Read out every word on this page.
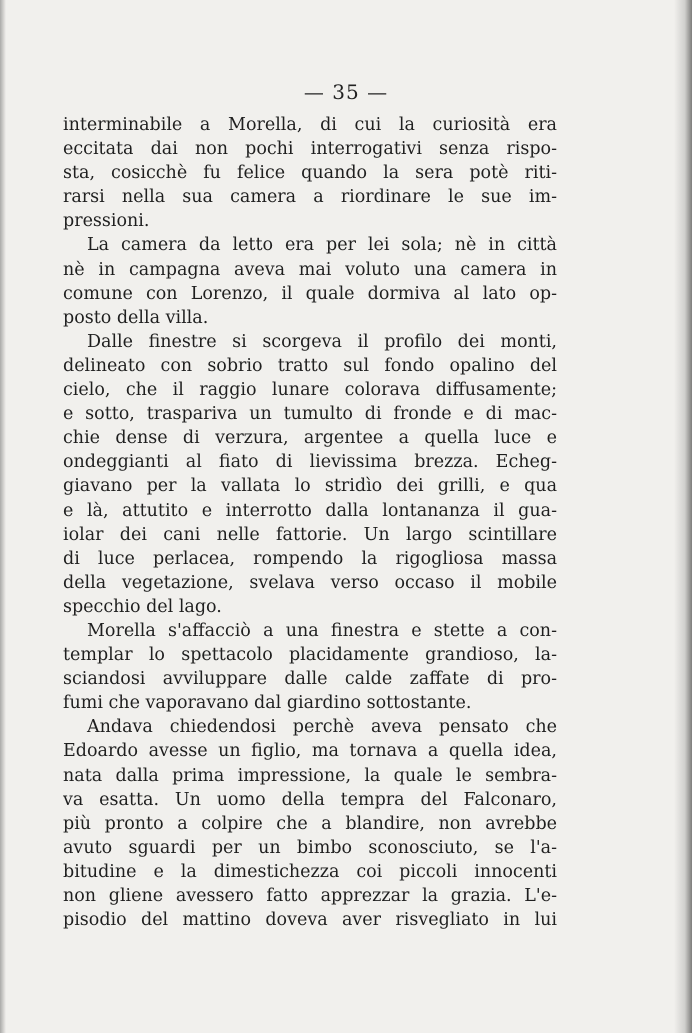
— 35 —
interminabile a Morella, di cui la curiosità era
eccitata dai non pochi interrogativi senza rispo-
sta, cosicchè fu felice quando la sera potè riti-
rarsi nella sua camera a riordinare le sue im-
pressioni.
La camera da letto era per lei sola; nè in città
nè in campagna aveva mai voluto una camera in
comune con Lorenzo, il quale dormiva al lato op-
posto della villa.
Dalle finestre si scorgeva il profilo dei monti,
delineato con sobrio tratto sul fondo opalino del
cielo, che il raggio lunare colorava diffusamente;
e sotto, traspariva un tumulto di fronde e di mac-
chie dense di verzura, argentee a quella luce e
ondeggianti al fiato di lievissima brezza. Echeg-
giavano per la vallata lo stridìo dei grilli, e qua
e là, attutito e interrotto dalla lontananza il gua-
iolar dei cani nelle fattorie. Un largo scintillare
di luce perlacea, rompendo la rigogliosa massa
della vegetazione, svelava verso occaso il mobile
specchio del lago.
Morella s'affacciò a una finestra e stette a con-
templar lo spettacolo placidamente grandioso, la-
sciandosi avviluppare dalle calde zaffate di pro-
fumi che vaporavano dal giardino sottostante.
Andava chiedendosi perchè aveva pensato che
Edoardo avesse un figlio, ma tornava a quella idea,
nata dalla prima impressione, la quale le sembra-
va esatta. Un uomo della tempra del Falconaro,
più pronto a colpire che a blandire, non avrebbe
avuto sguardi per un bimbo sconosciuto, se l'a-
bitudine e la dimestichezza coi piccoli innocenti
non gliene avessero fatto apprezzar la grazia. L'e-
pisodio del mattino doveva aver risvegliato in lui
